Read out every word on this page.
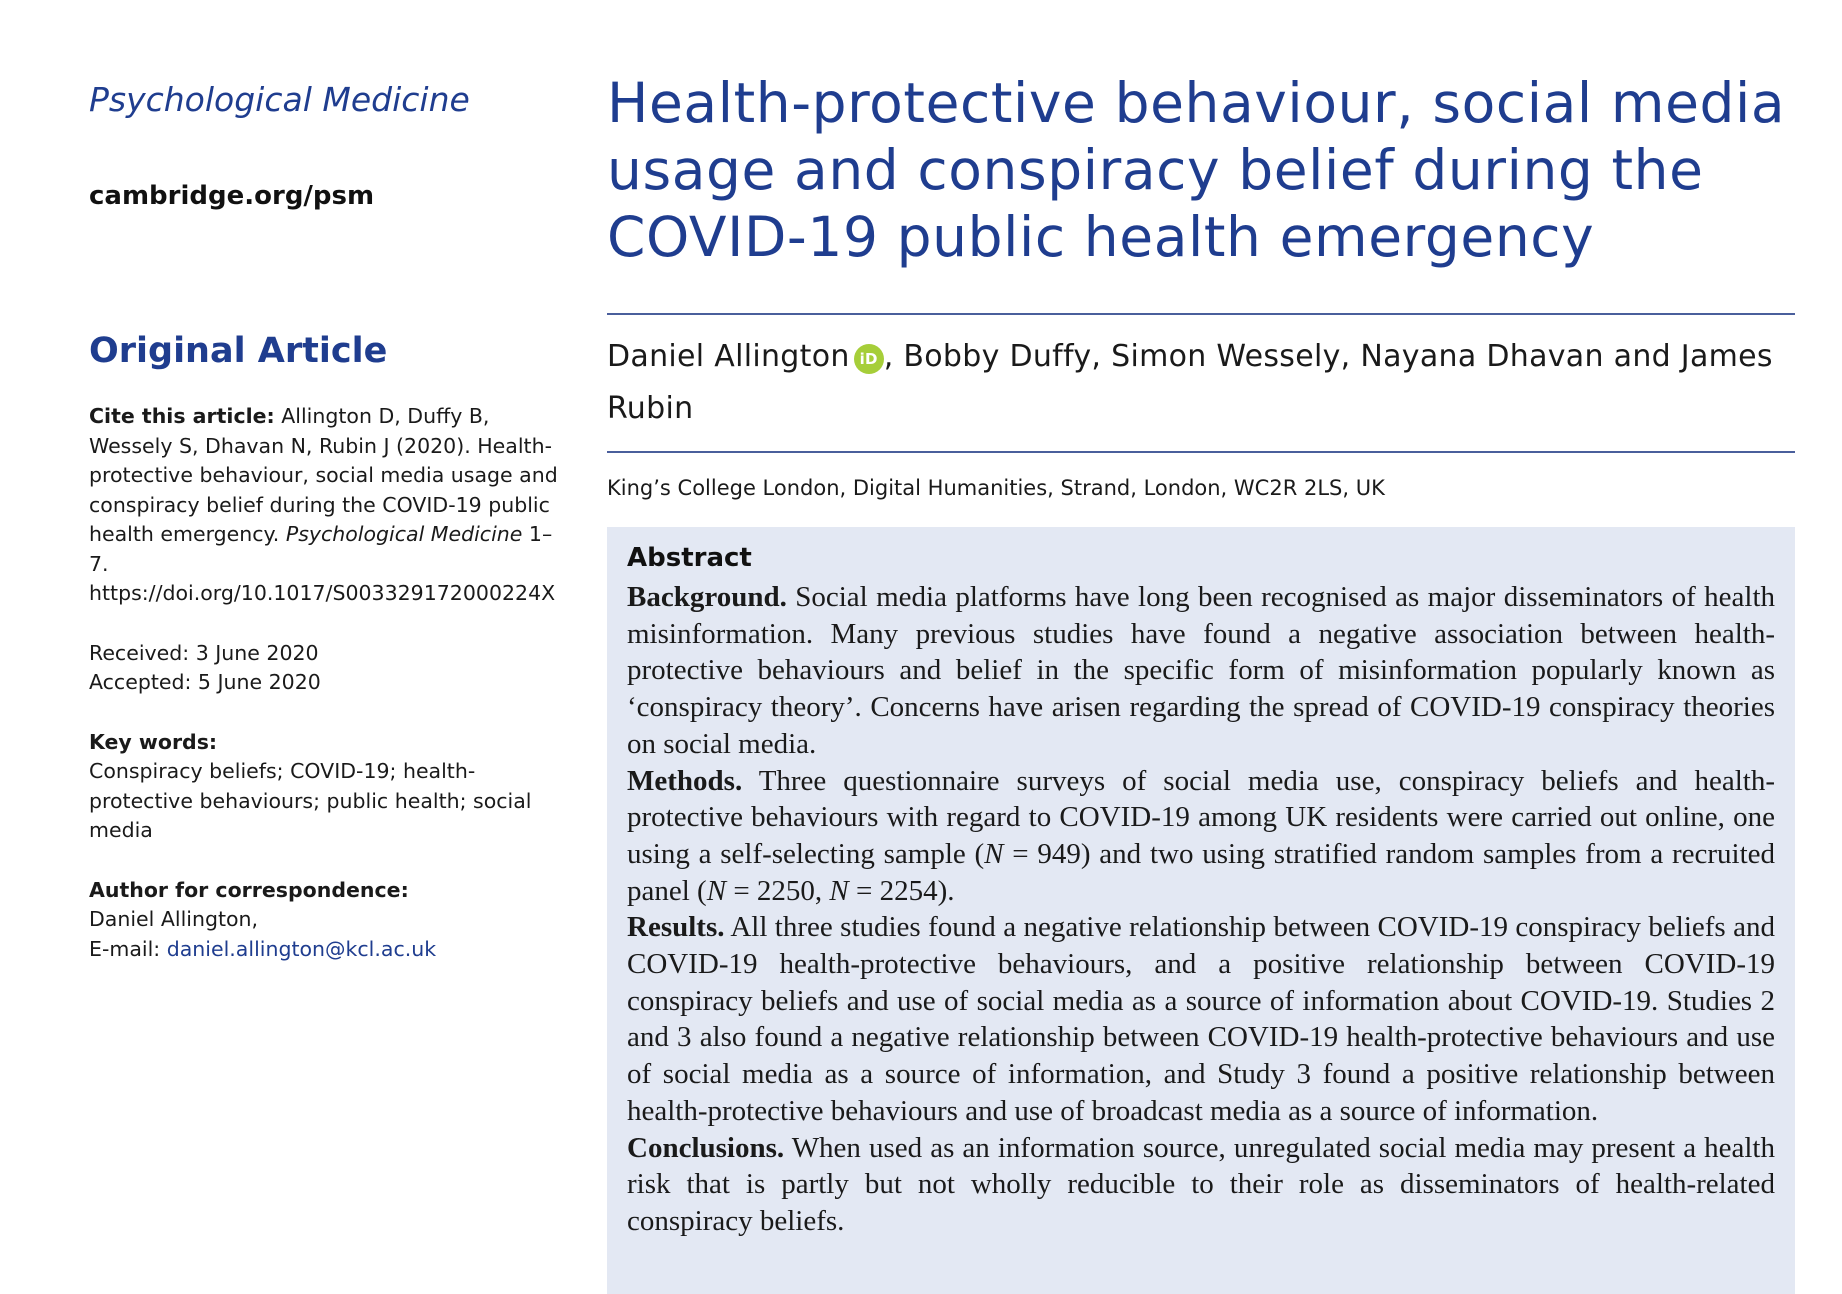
Psychological Medicine
cambridge.org/psm
Original Article
Cite this article: Allington D, Duffy B, Wessely S, Dhavan N, Rubin J (2020). Health-protective behaviour, social media usage and conspiracy belief during the COVID-19 public health emergency. Psychological Medicine 1–7. https://doi.org/10.1017/S003329172000224X
Received: 3 June 2020
Accepted: 5 June 2020
Key words:
Conspiracy beliefs; COVID-19; health-protective behaviours; public health; social media
Author for correspondence:
Daniel Allington,
E-mail: daniel.allington@kcl.ac.uk
Health-protective behaviour, social media usage and conspiracy belief during the COVID-19 public health emergency
Daniel Allington iD , Bobby Duffy, Simon Wessely, Nayana Dhavan and James Rubin
King’s College London, Digital Humanities, Strand, London, WC2R 2LS, UK
Abstract

Background. Social media platforms have long been recognised as major disseminators of health misinformation. Many previous studies have found a negative association between health-protective behaviours and belief in the specific form of misinformation popularly known as ‘conspiracy theory’. Concerns have arisen regarding the spread of COVID-19 conspiracy theories on social media.

Methods. Three questionnaire surveys of social media use, conspiracy beliefs and health-protective behaviours with regard to COVID-19 among UK residents were carried out online, one using a self-selecting sample (N = 949) and two using stratified random samples from a recruited panel (N = 2250, N = 2254).

Results. All three studies found a negative relationship between COVID-19 conspiracy beliefs and COVID-19 health-protective behaviours, and a positive relationship between COVID-19 conspiracy beliefs and use of social media as a source of information about COVID-19. Studies 2 and 3 also found a negative relationship between COVID-19 health-protective behaviours and use of social media as a source of information, and Study 3 found a positive relationship between health-protective behaviours and use of broadcast media as a source of information.

Conclusions. When used as an information source, unregulated social media may present a health risk that is partly but not wholly reducible to their role as disseminators of health-related conspiracy beliefs.
